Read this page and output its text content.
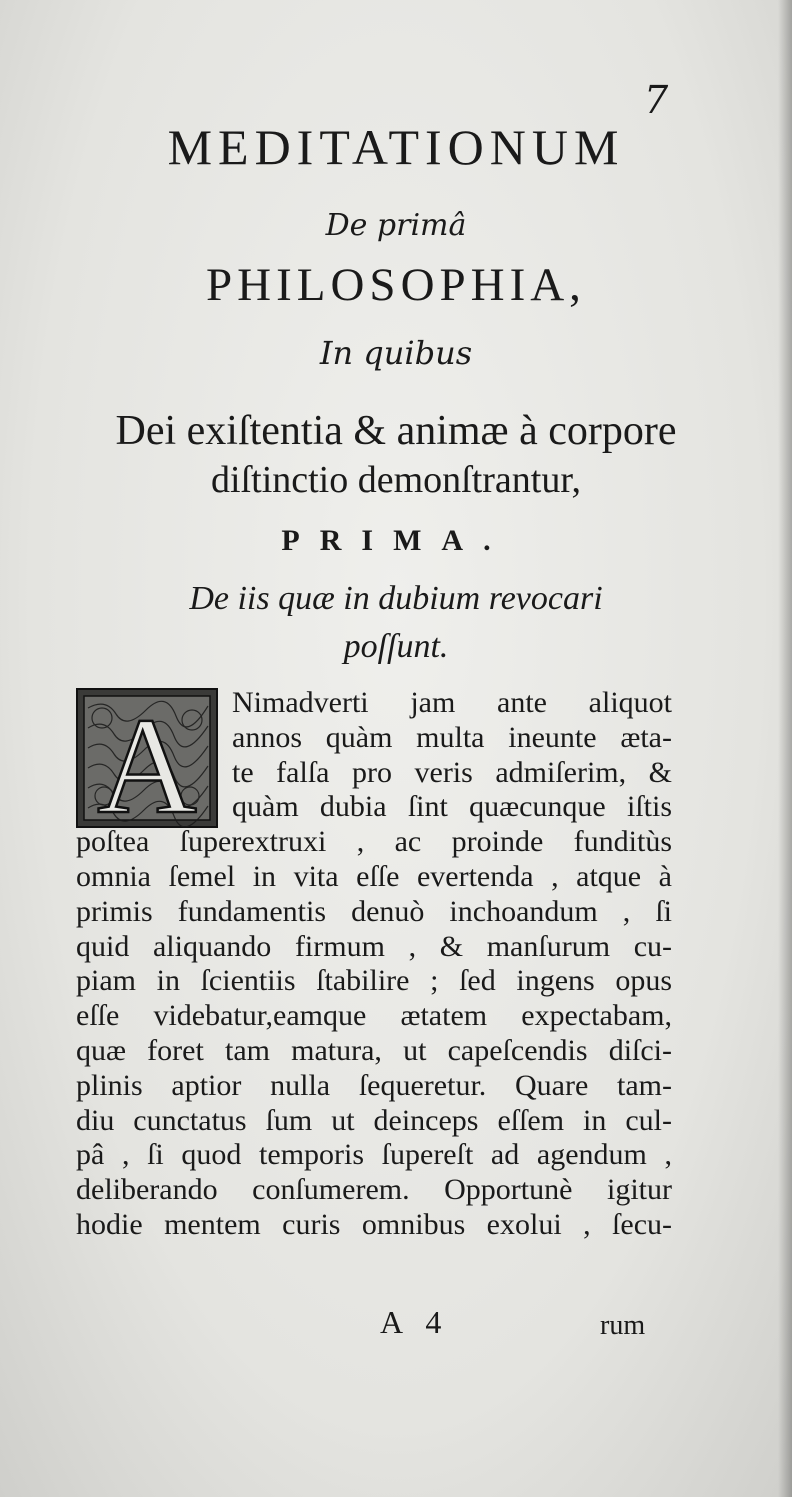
7
MEDITATIONUM
De primâ
PHILOSOPHIA,
In quibus
Dei exiſtentia & animæ à corpore
diſtinctio demonſtrantur,
PRIMA.
De iis quæ in dubium revocari
poſſunt.
A	Nimadverti jam ante aliquot
annos quàm multa ineunte æta-
te falſa pro veris admiſerim, &
quàm dubia ſint quæcunque iſtis
poſtea ſuperextruxi , ac proinde funditùs
omnia ſemel in vita eſſe evertenda , atque à
primis fundamentis denuò inchoandum , ſi
quid aliquando firmum , & manſurum cu-
piam in ſcientiis ſtabilire ; ſed ingens opus
eſſe videbatur,eamque ætatem expectabam,
quæ foret tam matura, ut capeſcendis diſci-
plinis aptior nulla ſequeretur. Quare tam-
diu cunctatus ſum ut deinceps eſſem in cul-
pâ , ſi quod temporis ſupereſt ad agendum ,
deliberando conſumerem. Opportunè igitur
hodie mentem curis omnibus exolui , ſecu-
A 4	rum
